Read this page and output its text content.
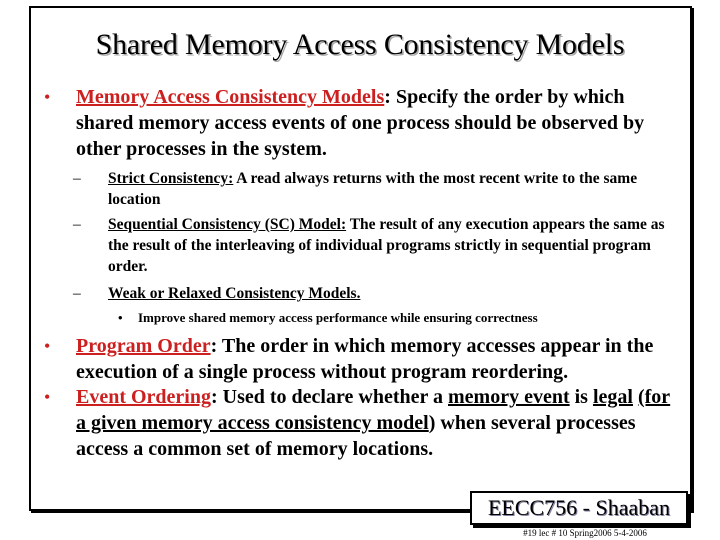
Shared Memory Access Consistency Models
•	Memory Access Consistency Models: Specify the order by which shared memory access events of one process should be observed by other processes in the system.
–	Strict Consistency: A read always returns with the most recent write to the same location
–	Sequential Consistency (SC) Model: The result of any execution appears the same as the result of the interleaving of individual programs strictly in sequential program order.
–	Weak or Relaxed Consistency Models.
•	Improve shared memory access performance while ensuring correctness
•	Program Order: The order in which memory accesses appear in the execution of a single process without program reordering.
•	Event Ordering: Used to declare whether a memory event is legal (for a given memory access consistency model) when several processes access a common set of memory locations.
EECC756 - Shaaban
#19 lec # 10 Spring2006 5-4-2006
